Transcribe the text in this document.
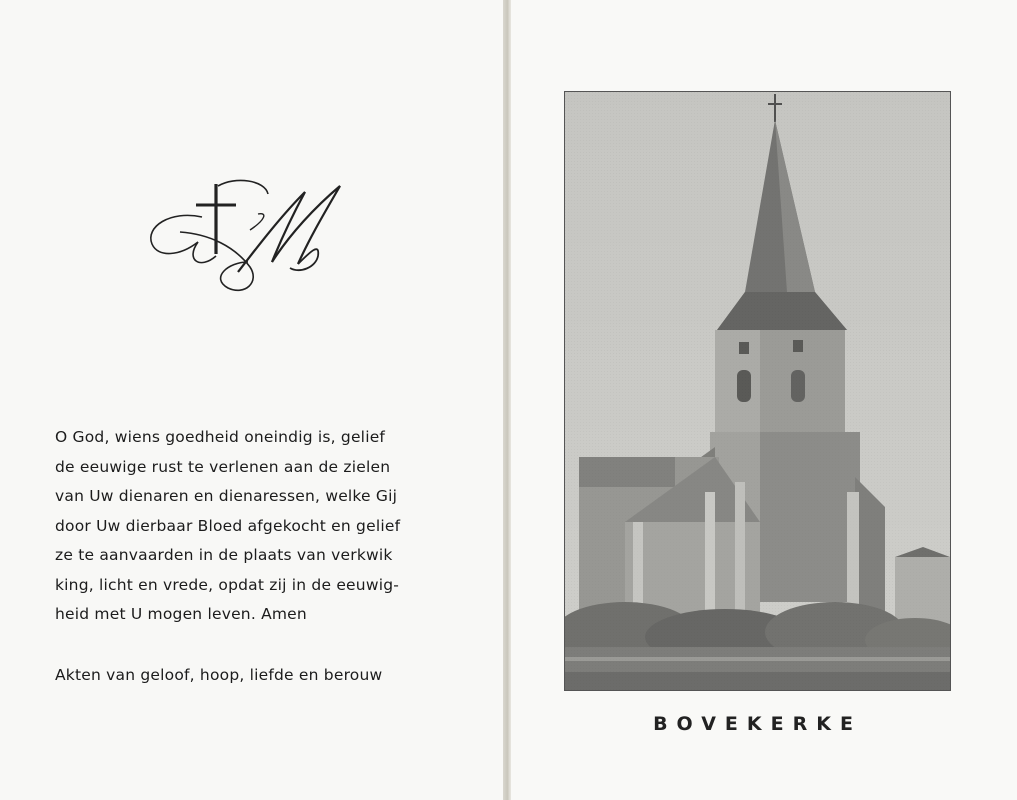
O God, wiens goedheid oneindig is, gelief
de eeuwige rust te verlenen aan de zielen
van Uw dienaren en dienaressen, welke Gij
door Uw dierbaar Bloed afgekocht en gelief
ze te aanvaarden in de plaats van verkwik
king, licht en vrede, opdat zij in de eeuwig-
heid met U mogen leven. Amen

Akten van geloof, hoop, liefde en berouw

BOVEKERKE
